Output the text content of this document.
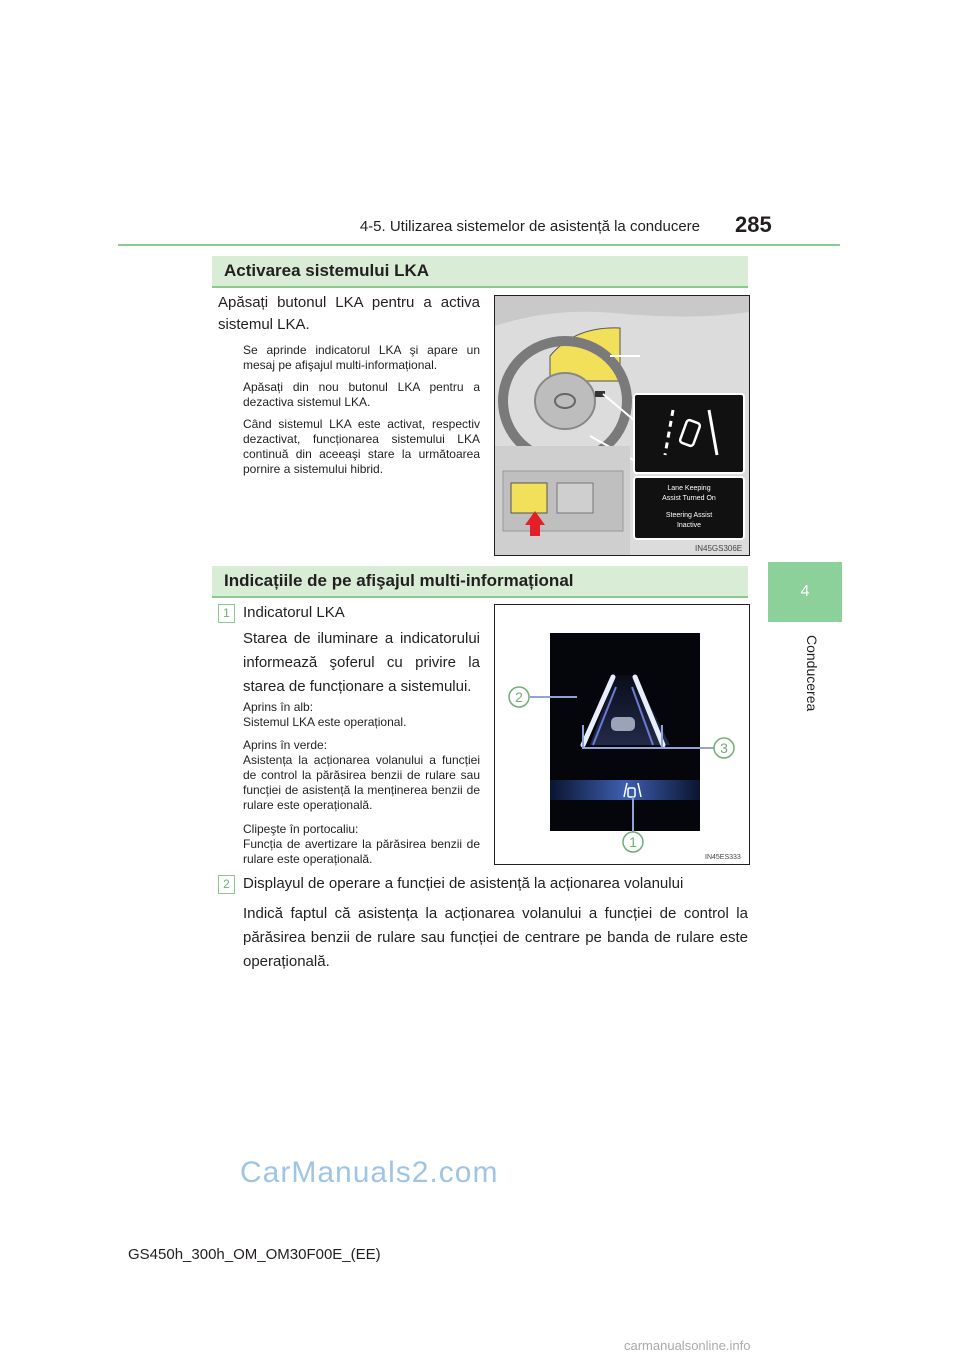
4-5. Utilizarea sistemelor de asistență la conducere 285
4
Conducerea
Activarea sistemului LKA
Apăsați butonul LKA pentru a activa sistemul LKA.
Se aprinde indicatorul LKA şi apare un mesaj pe afişajul multi-informațional.
Apăsați din nou butonul LKA pentru a dezactiva sistemul LKA.
Când sistemul LKA este activat, respectiv dezactivat, funcționarea sistemului LKA continuă din aceeaşi stare la următoarea pornire a sistemului hibrid.
Lane Keeping
Assist Turned On
Steering Assist
Inactive
IN45GS306E
Indicațiile de pe afişajul multi-informațional
1 Indicatorul LKA
Starea de iluminare a indicatorului informează şoferul cu privire la starea de funcționare a sistemului.
Aprins în alb:
Sistemul LKA este operațional.
Aprins în verde:
Asistența la acționarea volanului a funcției de control la părăsirea benzii de rulare sau funcției de asistență la menținerea benzii de rulare este operațională.
Clipeşte în portocaliu:
Funcția de avertizare la părăsirea benzii de rulare este operațională.
2
3
1
IN45ES333
2 Displayul de operare a funcției de asistență la acționarea volanului
Indică faptul că asistența la acționarea volanului a funcției de control la părăsirea benzii de rulare sau funcției de centrare pe banda de rulare este operațională.
CarManuals2.com
carmanualsonline.info
GS450h_300h_OM_OM30F00E_(EE)
